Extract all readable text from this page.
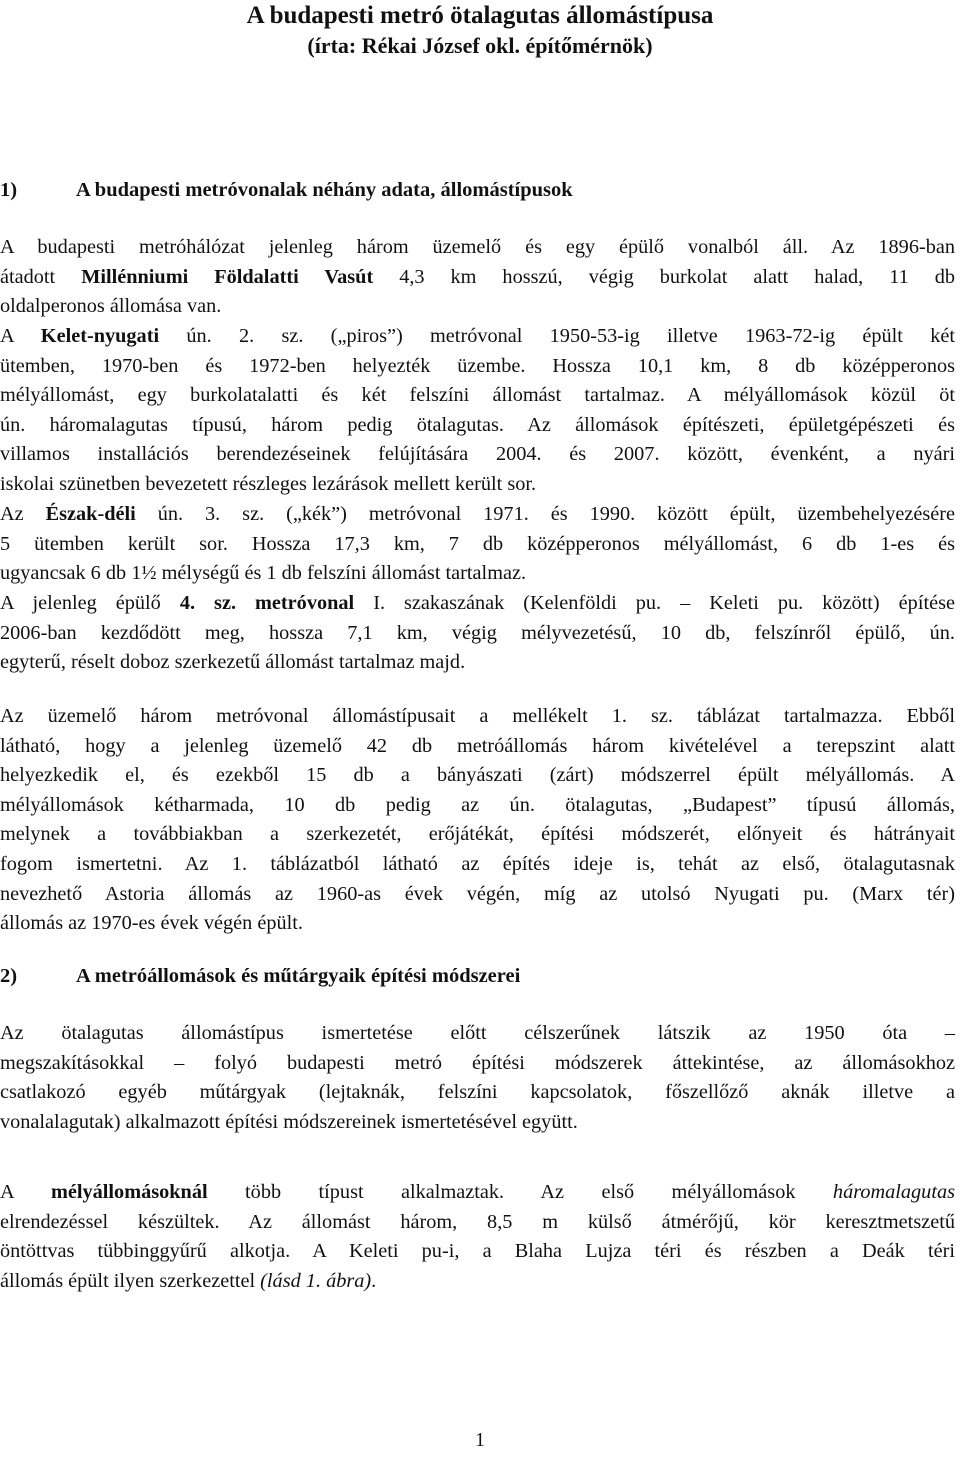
A budapesti metró ötalagutas állomástípusa
(írta: Rékai József okl. építőmérnök)
1)	A budapesti metróvonalak néhány adata, állomástípusok
A budapesti metróhálózat jelenleg három üzemelő és egy épülő vonalból áll. Az 1896-ban
átadott Millénniumi Földalatti Vasút 4,3 km hosszú, végig burkolat alatt halad, 11 db
oldalperonos állomása van.
A Kelet-nyugati ún. 2. sz. („piros”) metróvonal 1950-53-ig illetve 1963-72-ig épült két
ütemben, 1970-ben és 1972-ben helyezték üzembe. Hossza 10,1 km, 8 db középperonos
mélyállomást, egy burkolatalatti és két felszíni állomást tartalmaz. A mélyállomások közül öt
ún. háromalagutas típusú, három pedig ötalagutas. Az állomások építészeti, épületgépészeti és
villamos installációs berendezéseinek felújítására 2004. és 2007. között, évenként, a nyári
iskolai szünetben bevezetett részleges lezárások mellett került sor.
Az Észak-déli ún. 3. sz. („kék”) metróvonal 1971. és 1990. között épült, üzembehelyezésére
5 ütemben került sor. Hossza 17,3 km, 7 db középperonos mélyállomást, 6 db 1-es és
ugyancsak 6 db 1½ mélységű és 1 db felszíni állomást tartalmaz.
A jelenleg épülő 4. sz. metróvonal I. szakaszának (Kelenföldi pu. – Keleti pu. között) építése
2006-ban kezdődött meg, hossza 7,1 km, végig mélyvezetésű, 10 db, felszínről épülő, ún.
egyterű, réselt doboz szerkezetű állomást tartalmaz majd.
Az üzemelő három metróvonal állomástípusait a mellékelt 1. sz. táblázat tartalmazza. Ebből
látható, hogy a jelenleg üzemelő 42 db metróállomás három kivételével a terepszint alatt
helyezkedik el, és ezekből 15 db a bányászati (zárt) módszerrel épült mélyállomás. A
mélyállomások kétharmada, 10 db pedig az ún. ötalagutas, „Budapest” típusú állomás,
melynek a továbbiakban a szerkezetét, erőjátékát, építési módszerét, előnyeit és hátrányait
fogom ismertetni. Az 1. táblázatból látható az építés ideje is, tehát az első, ötalagutasnak
nevezhető Astoria állomás az 1960-as évek végén, míg az utolsó Nyugati pu. (Marx tér)
állomás az 1970-es évek végén épült.
2)	A metróállomások és műtárgyaik építési módszerei
Az ötalagutas állomástípus ismertetése előtt célszerűnek látszik az 1950 óta –
megszakításokkal – folyó budapesti metró építési módszerek áttekintése, az állomásokhoz
csatlakozó egyéb műtárgyak (lejtaknák, felszíni kapcsolatok, főszellőző aknák illetve a
vonalalagutak) alkalmazott építési módszereinek ismertetésével együtt.
A mélyállomásoknál több típust alkalmaztak. Az első mélyállomások háromalagutas
elrendezéssel készültek. Az állomást három, 8,5 m külső átmérőjű, kör keresztmetszetű
öntöttvas tübbinggyűrű alkotja. A Keleti pu-i, a Blaha Lujza téri és részben a Deák téri
állomás épült ilyen szerkezettel (lásd 1. ábra).
1
